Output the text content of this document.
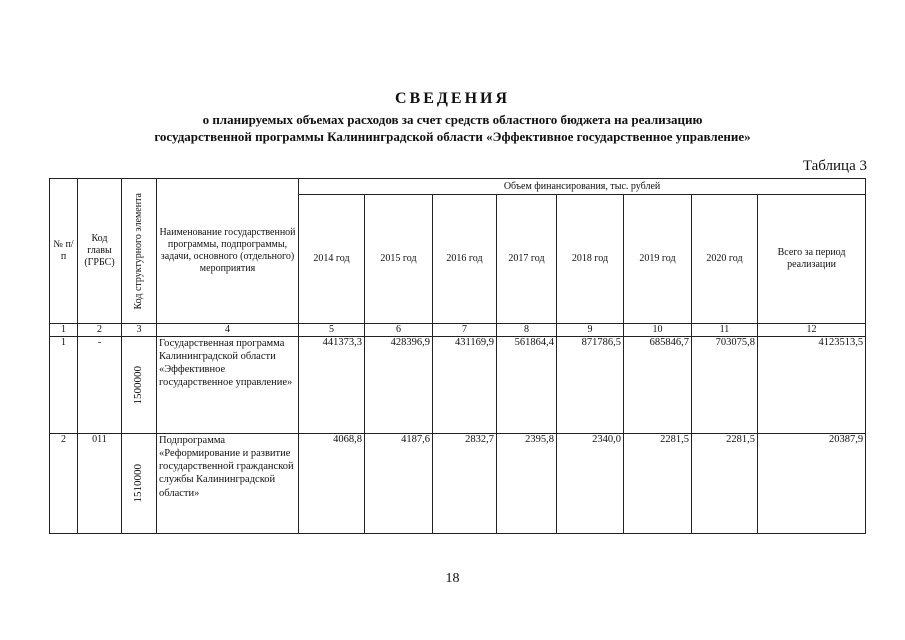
СВЕДЕНИЯ
о планируемых объемах расходов за счет средств областного бюджета на реализацию
государственной программы Калининградской области «Эффективное государственное управление»
Таблица 3
№ п/п	Код главы (ГРБС)	Код структурного элемента	Наименование государственной программы, подпрограммы, задачи, основного (отдельного) мероприятия	Объем финансирования, тыс. рублей							
				2014 год	2015 год	2016 год	2017 год	2018 год	2019 год	2020 год	Всего за период реализации
1	2	3	4	5	6	7	8	9	10	11	12
1	-	1500000	Государственная программа Калининградской области «Эффективное государственное управление»	441373,3	428396,9	431169,9	561864,4	871786,5	685846,7	703075,8	4123513,5
2	011	1510000	Подпрограмма «Реформирование и развитие государственной гражданской службы Калининградской области»	4068,8	4187,6	2832,7	2395,8	2340,0	2281,5	2281,5	20387,9
18
